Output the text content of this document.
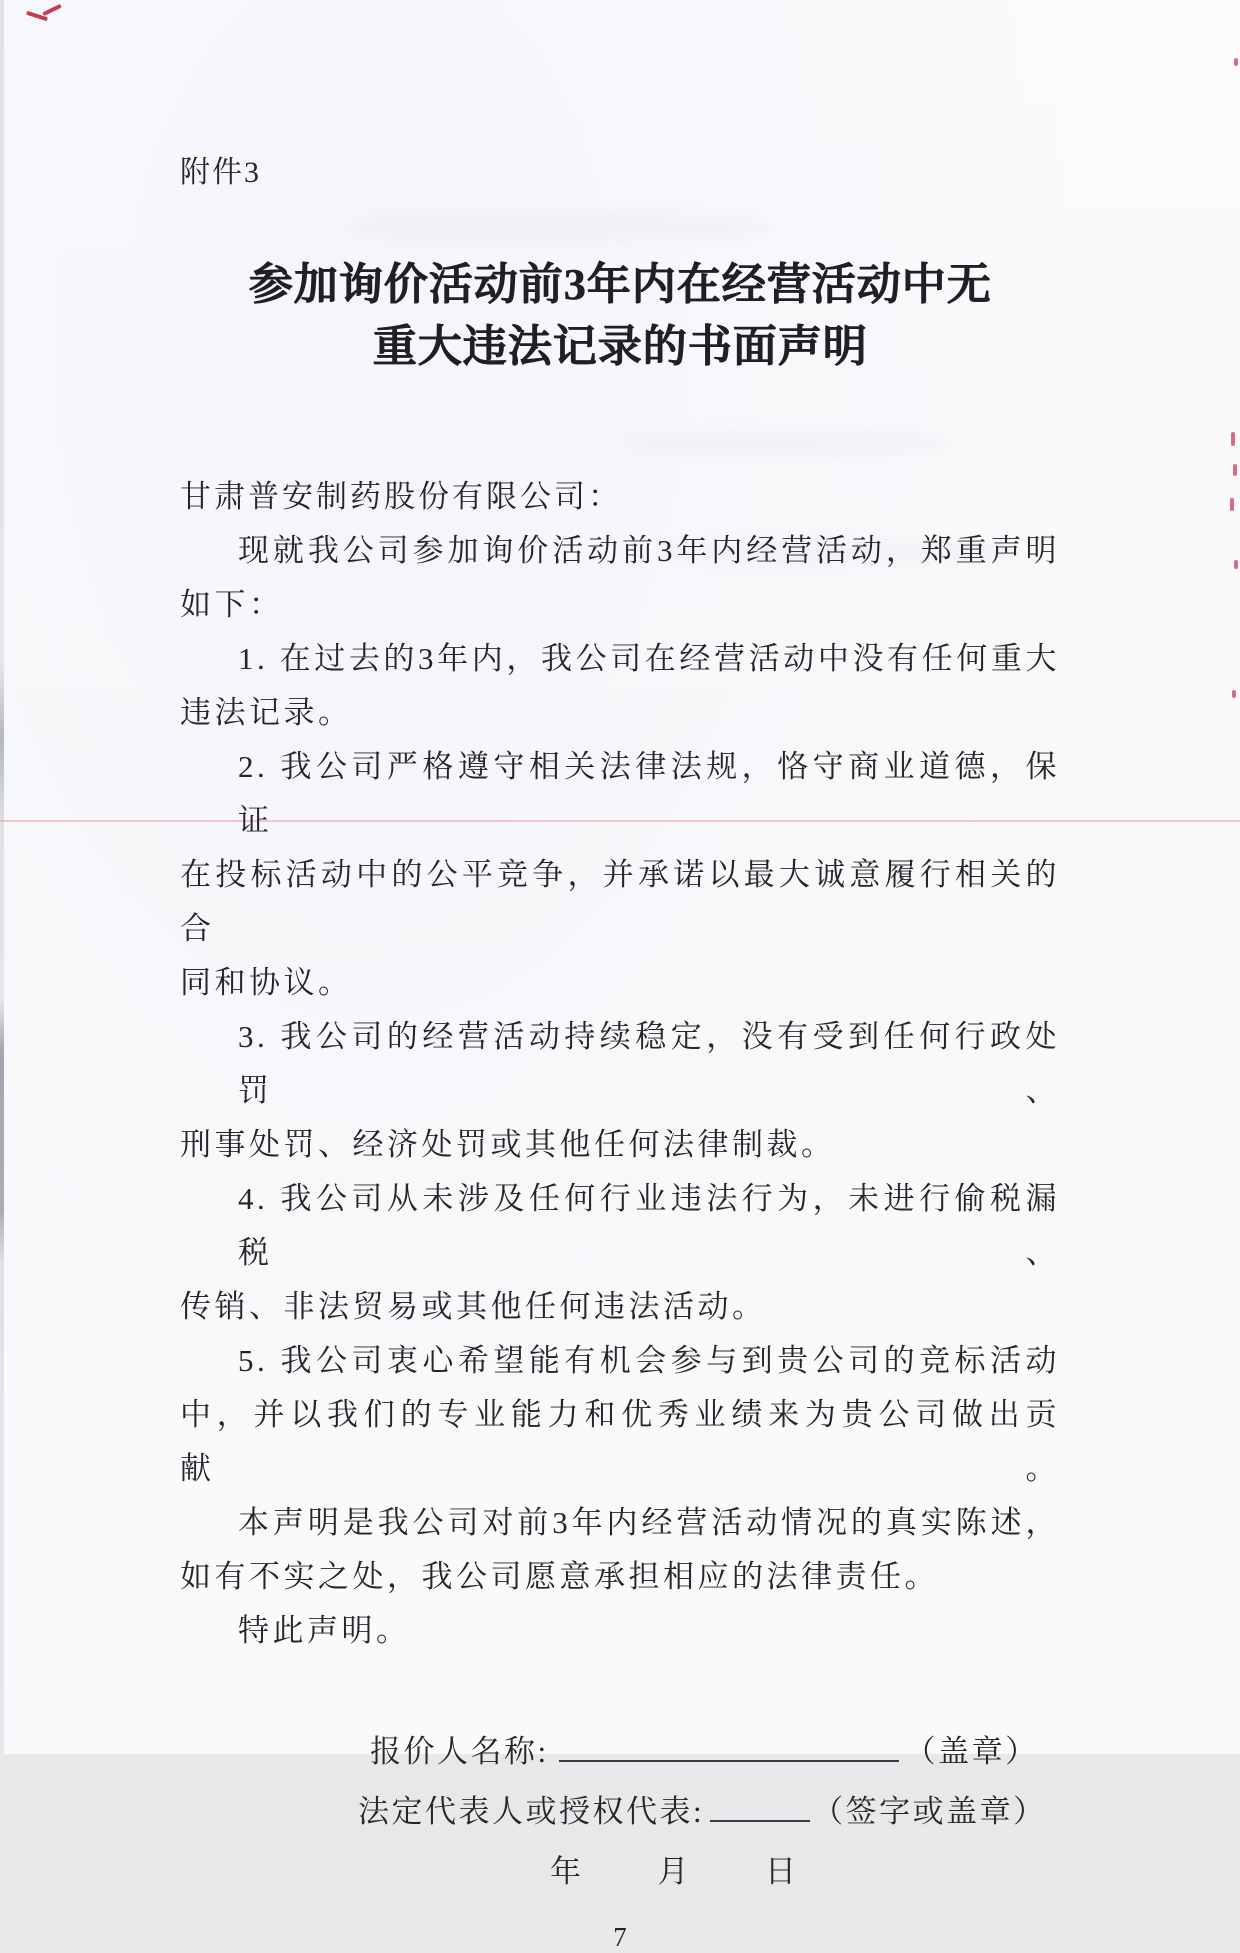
附件3
参加询价活动前3年内在经营活动中无
重大违法记录的书面声明
甘肃普安制药股份有限公司：
现就我公司参加询价活动前3年内经营活动，郑重声明
如下：
1. 在过去的3年内，我公司在经营活动中没有任何重大
违法记录。
2. 我公司严格遵守相关法律法规，恪守商业道德，保证
在投标活动中的公平竞争，并承诺以最大诚意履行相关的合
同和协议。
3. 我公司的经营活动持续稳定，没有受到任何行政处罚、
刑事处罚、经济处罚或其他任何法律制裁。
4. 我公司从未涉及任何行业违法行为，未进行偷税漏税、
传销、非法贸易或其他任何违法活动。
5. 我公司衷心希望能有机会参与到贵公司的竞标活动
中，并以我们的专业能力和优秀业绩来为贵公司做出贡献。
本声明是我公司对前3年内经营活动情况的真实陈述，
如有不实之处，我公司愿意承担相应的法律责任。
特此声明。
报价人名称:	（盖章）
法定代表人或授权代表:	（签字或盖章）
年 月 日
7
